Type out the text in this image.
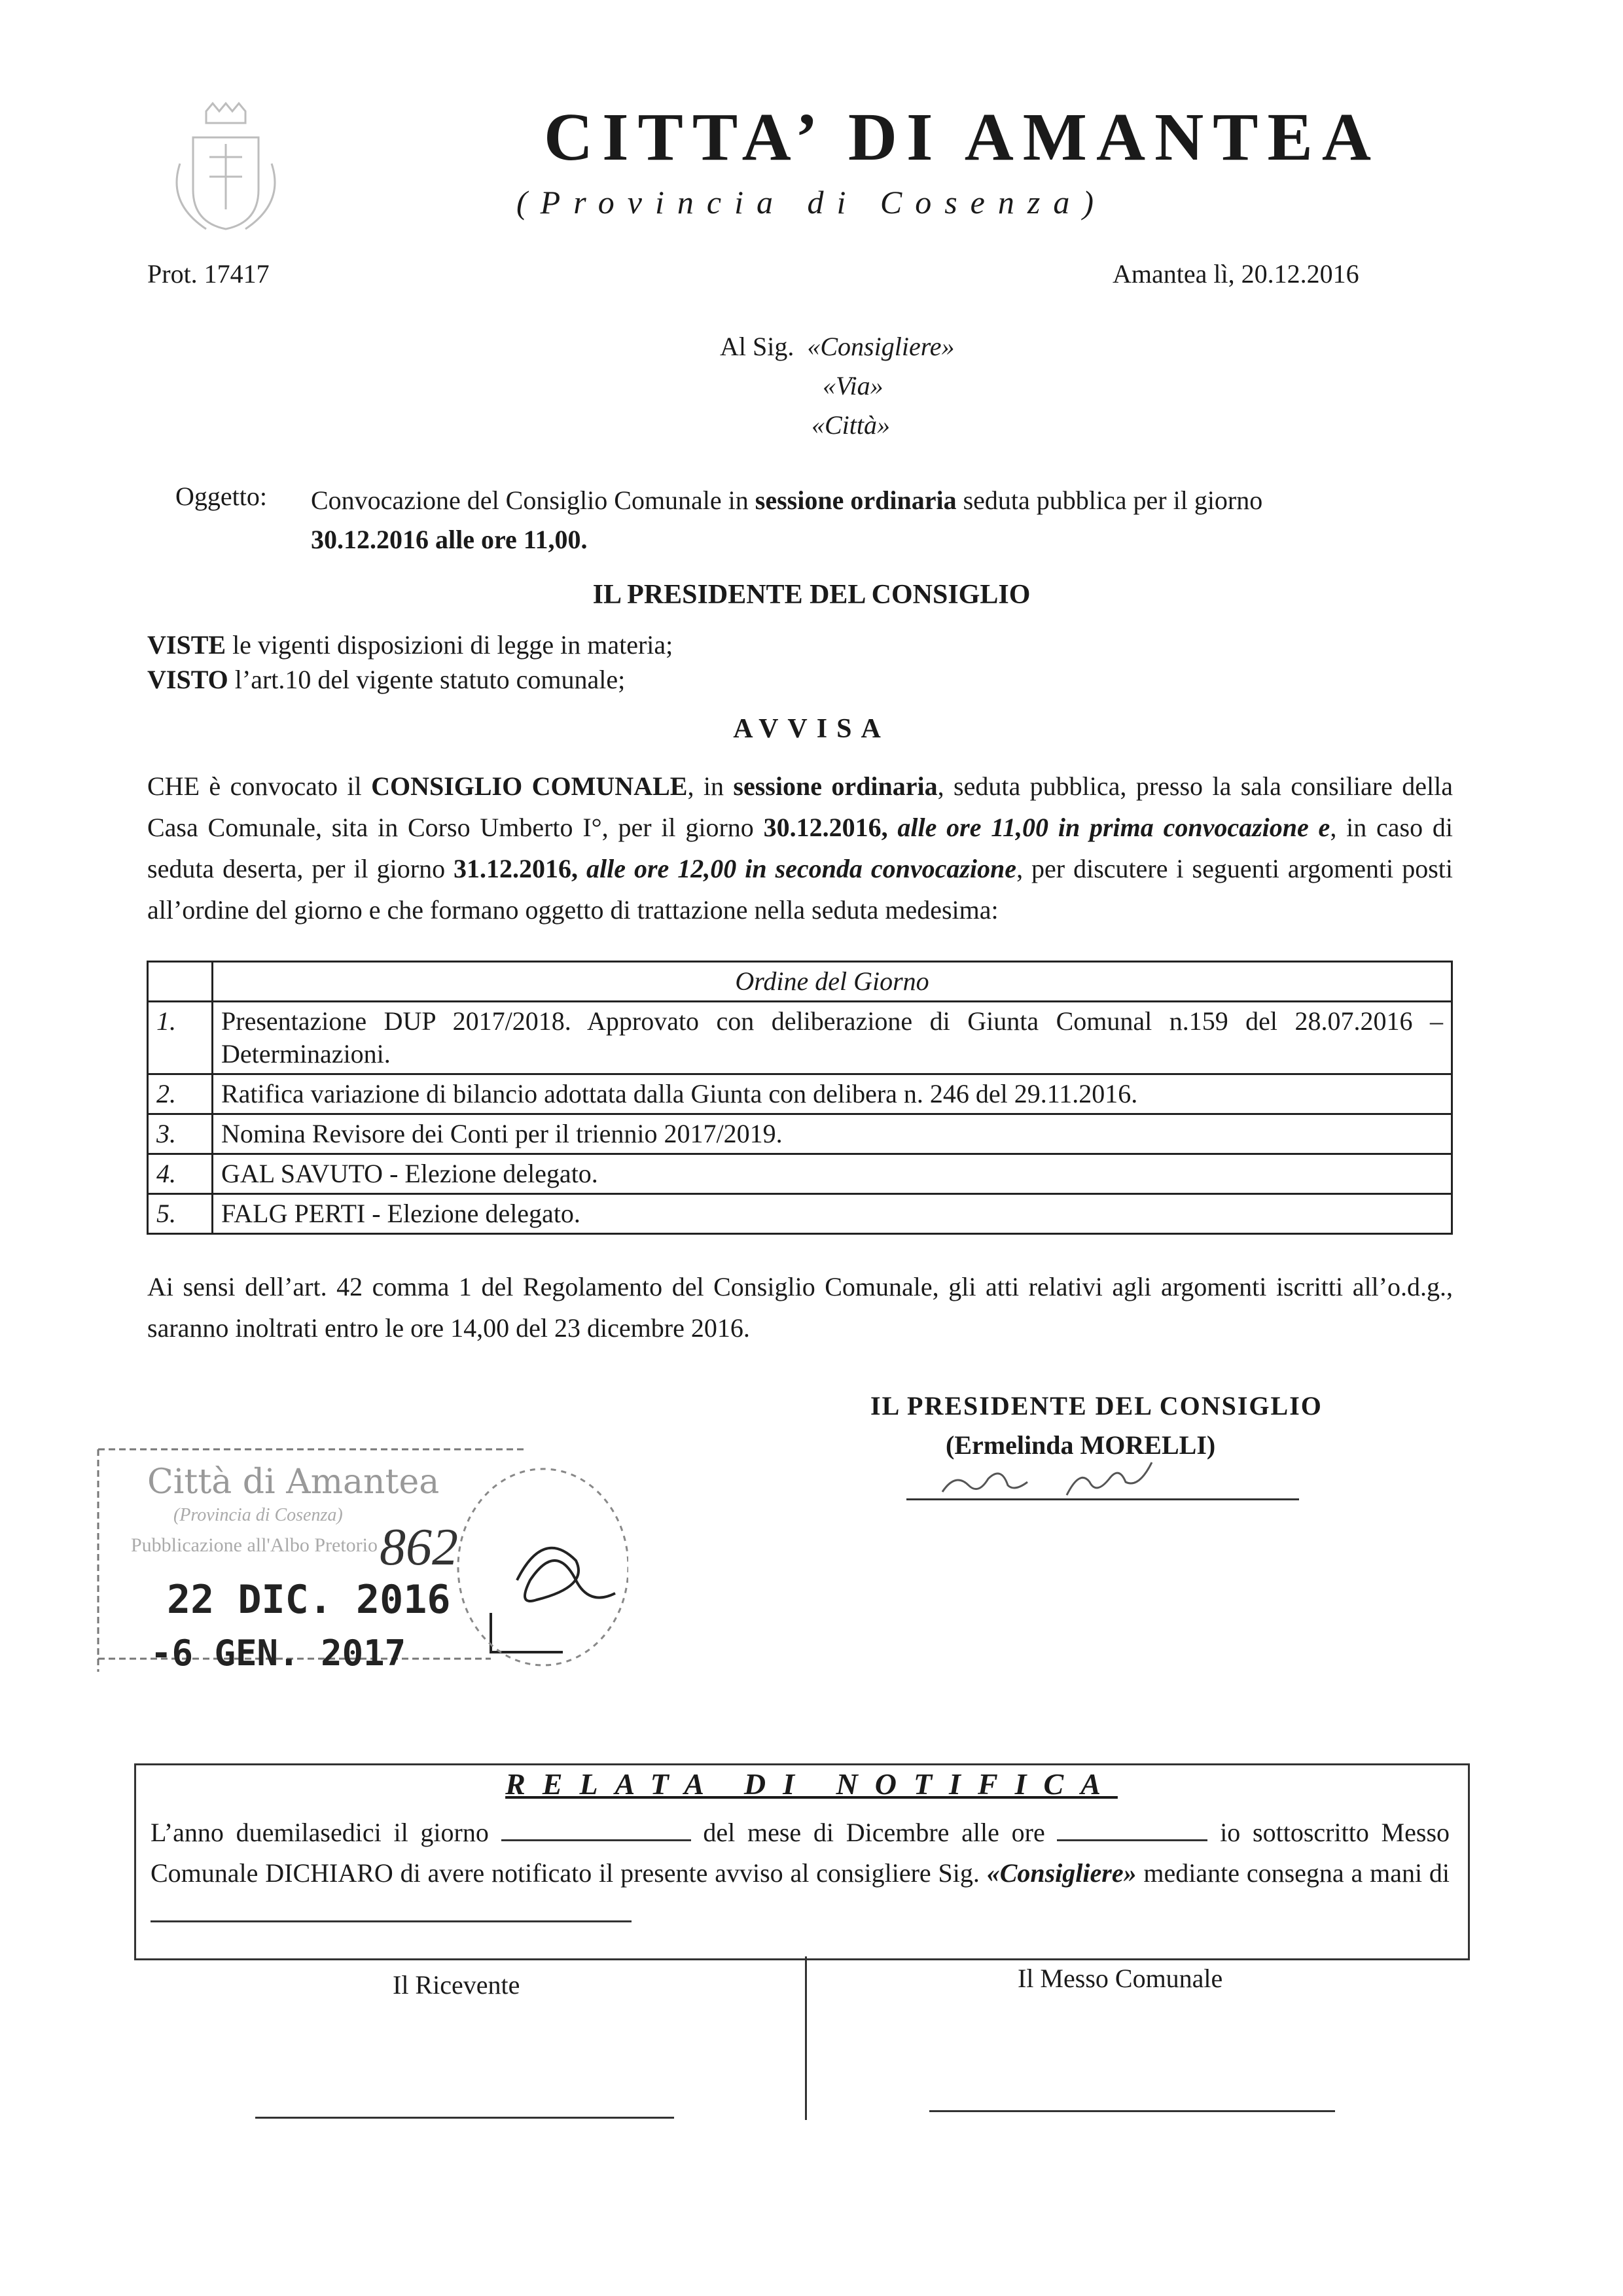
CITTA’ DI AMANTEA
(Provincia di Cosenza)
Prot. 17417	Amantea lì, 20.12.2016
Al Sig. «Consigliere»
«Via»
«Città»
Oggetto: Convocazione del Consiglio Comunale in sessione ordinaria seduta pubblica per il giorno
30.12.2016 alle ore 11,00.
IL PRESIDENTE DEL CONSIGLIO
VISTE le vigenti disposizioni di legge in materia;
VISTO l’art.10 del vigente statuto comunale;
AVVISA
CHE è convocato il CONSIGLIO COMUNALE, in sessione ordinaria, seduta pubblica, presso la sala consiliare della Casa Comunale, sita in Corso Umberto I°, per il giorno 30.12.2016, alle ore 11,00 in prima convocazione e, in caso di seduta deserta, per il giorno 31.12.2016, alle ore 12,00 in seconda convocazione, per discutere i seguenti argomenti posti all’ordine del giorno e che formano oggetto di trattazione nella seduta medesima:
	Ordine del Giorno
1.	Presentazione DUP 2017/2018. Approvato con deliberazione di Giunta Comunal n.159 del 28.07.2016 – Determinazioni.
2.	Ratifica variazione di bilancio adottata dalla Giunta con delibera n. 246 del 29.11.2016.
3.	Nomina Revisore dei Conti per il triennio 2017/2019.
4.	GAL SAVUTO - Elezione delegato.
5.	FALG PERTI - Elezione delegato.
Ai sensi dell’art. 42 comma 1 del Regolamento del Consiglio Comunale, gli atti relativi agli argomenti iscritti all’o.d.g., saranno inoltrati entro le ore 14,00 del 23 dicembre 2016.
IL PRESIDENTE DEL CONSIGLIO
(Ermelinda MORELLI)
Città di Amantea
(Provincia di Cosenza)
Pubblicazione all'Albo Pretorio 862
22 DIC. 2016
-6 GEN. 2017
RELATA DI NOTIFICA
L’anno duemilasedici il giorno	del mese di Dicembre alle ore	io sottoscritto Messo Comunale DICHIARO di avere notificato il presente avviso al consigliere Sig. «Consigliere» mediante consegna a mani di
Il Ricevente	Il Messo Comunale
